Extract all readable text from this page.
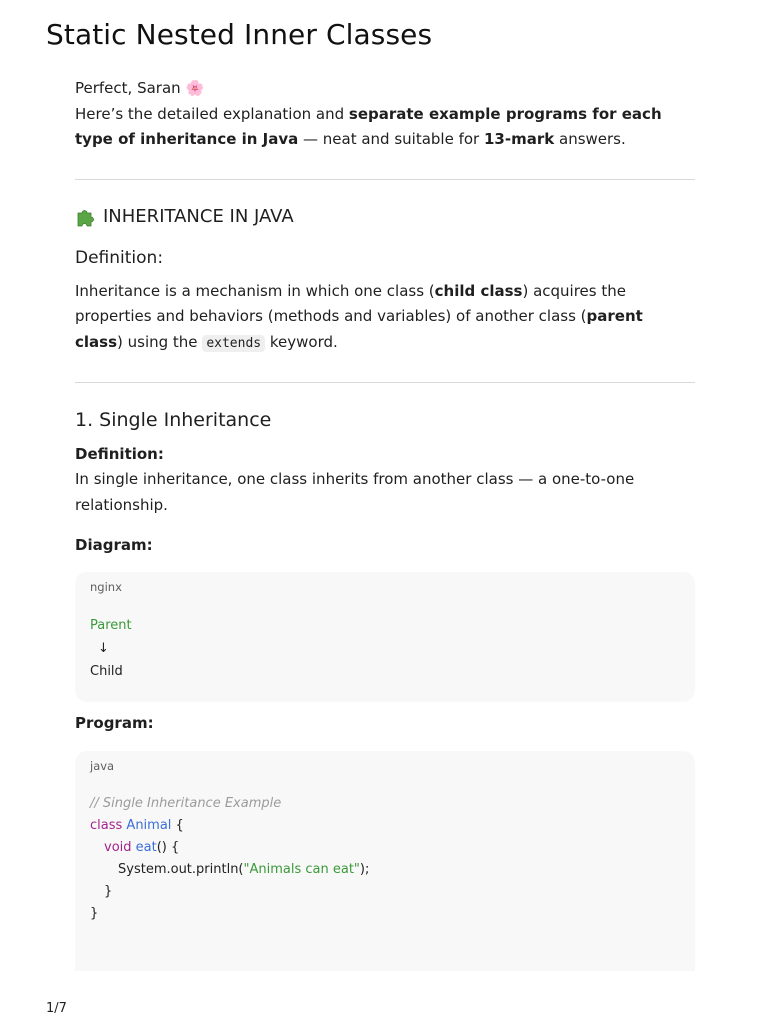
Static Nested Inner Classes

Perfect, Saran 🌸

Here’s the detailed explanation and separate example programs for each type of inheritance in Java — neat and suitable for 13-mark answers.

INHERITANCE IN JAVA
Definition:

Inheritance is a mechanism in which one class (child class) acquires the properties and behaviors (methods and variables) of another class (parent class) using the extends keyword.

1. Single Inheritance

Definition:

In single inheritance, one class inherits from another class — a one-to-one relationship.

Diagram:

nginx

Parent

↓

Child

Program:

java

// Single Inheritance Example

class Animal {

void eat() {

System.out.println("Animals can eat");

}

}

1/7
